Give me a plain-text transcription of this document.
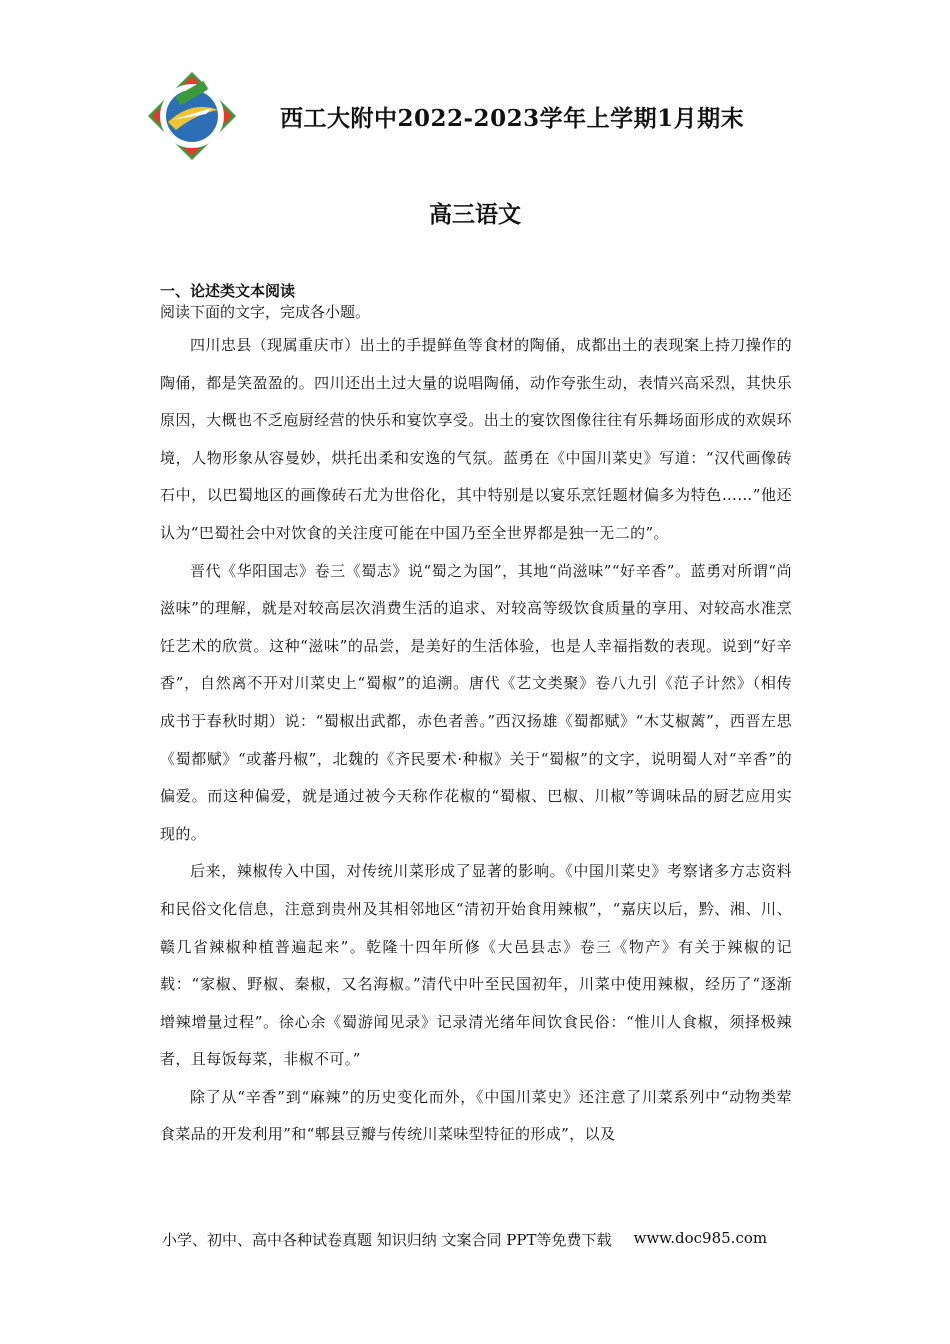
西工大附中2022-2023学年上学期1月期末
高三语文

一、论述类文本阅读

阅读下面的文字，完成各小题。

四川忠县（现属重庆市）出土的手提鲜鱼等食材的陶俑，成都出土的表现案上持刀操作的陶俑，都是笑盈盈的。四川还出土过大量的说唱陶俑，动作夸张生动，表情兴高采烈，其快乐原因，大概也不乏庖厨经营的快乐和宴饮享受。出土的宴饮图像往往有乐舞场面形成的欢娱环境，人物形象从容曼妙，烘托出柔和安逸的气氛。蓝勇在《中国川菜史》写道：“汉代画像砖石中，以巴蜀地区的画像砖石尤为世俗化，其中特别是以宴乐烹饪题材偏多为特色……”他还认为“巴蜀社会中对饮食的关注度可能在中国乃至全世界都是独一无二的”。

晋代《华阳国志》卷三《蜀志》说“蜀之为国”，其地“尚滋味”“好辛香”。蓝勇对所谓“尚滋味”的理解，就是对较高层次消费生活的追求、对较高等级饮食质量的享用、对较高水准烹饪艺术的欣赏。这种“滋味”的品尝，是美好的生活体验，也是人幸福指数的表现。说到“好辛香”，自然离不开对川菜史上“蜀椒”的追溯。唐代《艺文类聚》卷八九引《范子计然》（相传成书于春秋时期）说：“蜀椒出武都，赤色者善。”西汉扬雄《蜀都赋》“木艾椒蓠”，西晋左思《蜀都赋》“或蕃丹椒”，北魏的《齐民要术·种椒》关于“蜀椒”的文字，说明蜀人对“辛香”的偏爱。而这种偏爱，就是通过被今天称作花椒的“蜀椒、巴椒、川椒”等调味品的厨艺应用实现的。

后来，辣椒传入中国，对传统川菜形成了显著的影响。《中国川菜史》考察诸多方志资料和民俗文化信息，注意到贵州及其相邻地区“清初开始食用辣椒”，“嘉庆以后，黔、湘、川、赣几省辣椒种植普遍起来”。乾隆十四年所修《大邑县志》卷三《物产》有关于辣椒的记载：“家椒、野椒、秦椒，又名海椒。”清代中叶至民国初年，川菜中使用辣椒，经历了“逐渐增辣增量过程”。徐心余《蜀游闻见录》记录清光绪年间饮食民俗：“惟川人食椒，须择极辣者，且每饭每菜，非椒不可。”

除了从“辛香”到“麻辣”的历史变化而外，《中国川菜史》还注意了川菜系列中“动物类荤食菜品的开发利用”和“郫县豆瓣与传统川菜味型特征的形成”，以及

小学、初中、高中各种试卷真题 知识归纳 文案合同 PPT等免费下载 www.doc985.com
